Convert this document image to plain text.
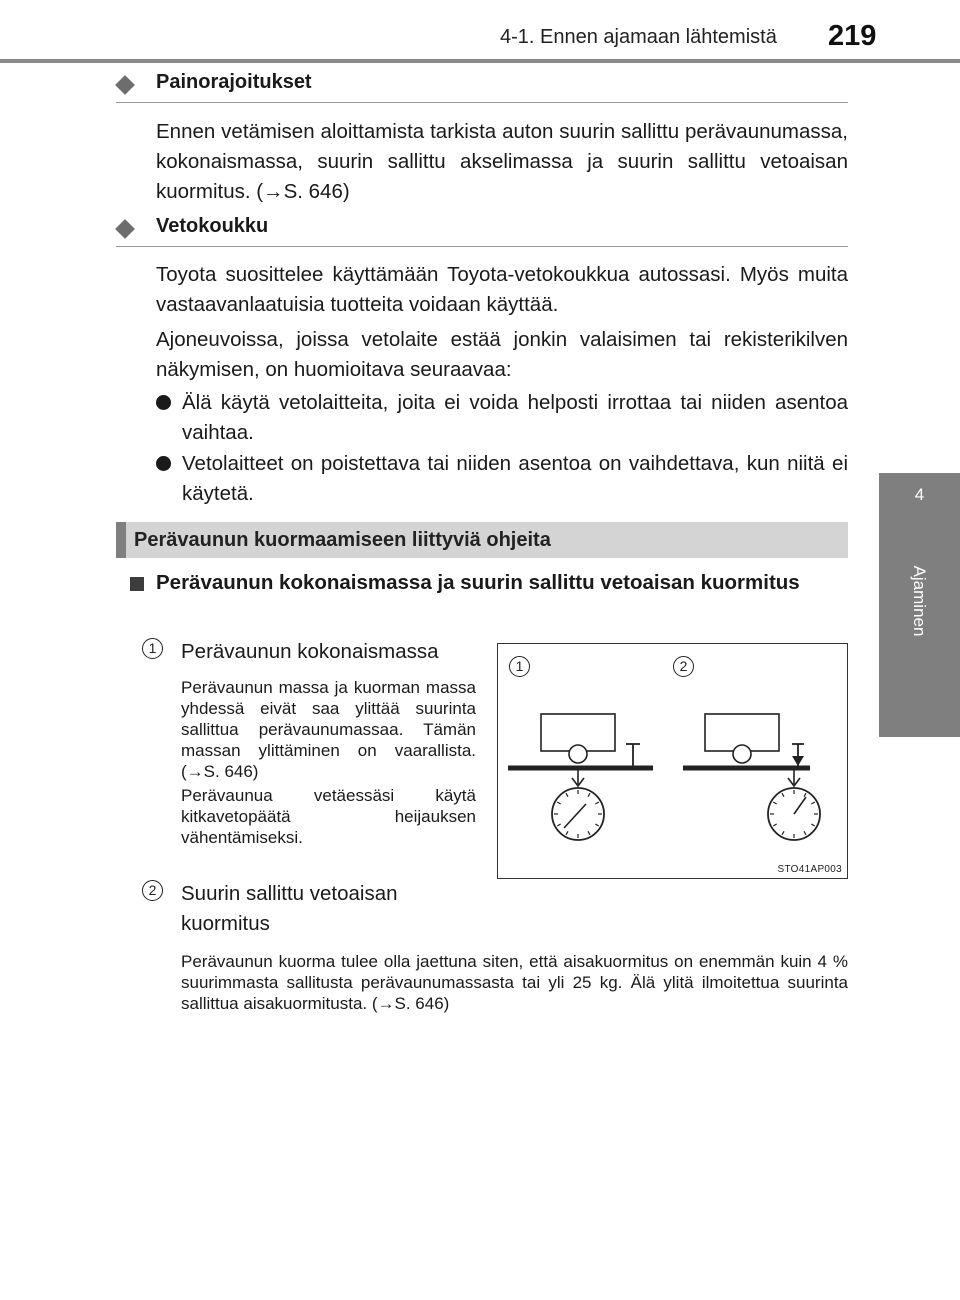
4-1. Ennen ajamaan lähtemistä 219
4
Ajaminen
Painorajoitukset
Ennen vetämisen aloittamista tarkista auton suurin sallittu perävaunumassa, kokonaismassa, suurin sallittu akselimassa ja suurin sallittu vetoaisan kuormitus. (→S. 646)
Vetokoukku
Toyota suosittelee käyttämään Toyota-vetokoukkua autossasi. Myös muita vastaavanlaatuisia tuotteita voidaan käyttää.
Ajoneuvoissa, joissa vetolaite estää jonkin valaisimen tai rekisterikilven näkymisen, on huomioitava seuraavaa:
Älä käytä vetolaitteita, joita ei voida helposti irrottaa tai niiden asentoa vaihtaa.
Vetolaitteet on poistettava tai niiden asentoa on vaihdettava, kun niitä ei käytetä.
Perävaunun kuormaamiseen liittyviä ohjeita
Perävaunun kokonaismassa ja suurin sallittu vetoaisan kuormitus
1	Perävaunun kokonaismassa
Perävaunun massa ja kuorman massa yhdessä eivät saa ylittää suurinta sallittua perävaunumassaa. Tämän massan ylittäminen on vaarallista. (→S. 646)
Perävaunua vetäessäsi käytä kitkavetopäätä heijauksen vähentämiseksi.
2	Suurin sallittu vetoaisan
kuormitus
Perävaunun kuorma tulee olla jaettuna siten, että aisakuormitus on enemmän kuin 4 % suurimmasta sallitusta perävaunumassasta tai yli 25 kg. Älä ylitä ilmoitettua suurinta sallittua aisakuormitusta. (→S. 646)
1	2
STO41AP003
